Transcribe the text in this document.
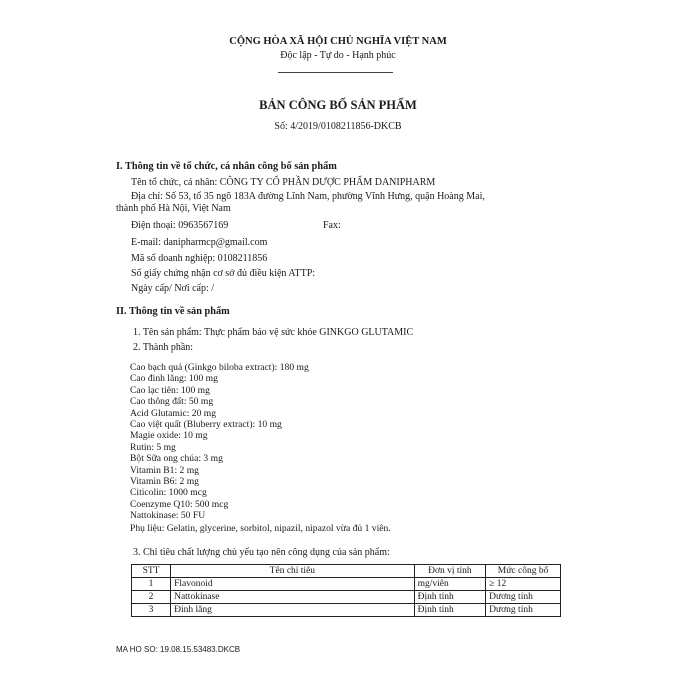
CỘNG HÒA XÃ HỘI CHỦ NGHĨA VIỆT NAM
Độc lập - Tự do - Hạnh phúc
BẢN CÔNG BỐ SẢN PHẨM
Số: 4/2019/0108211856-DKCB
I. Thông tin về tổ chức, cá nhân công bố sản phẩm
Tên tổ chức, cá nhân: CÔNG TY CỔ PHẦN DƯỢC PHẨM DANIPHARM
Địa chỉ: Số 53, tổ 35 ngõ 183A đường Lĩnh Nam, phường Vĩnh Hưng, quận Hoàng Mai,
thành phố Hà Nội, Việt Nam
Điện thoại: 0963567169	Fax:
E-mail: danipharmcp@gmail.com
Mã số doanh nghiệp: 0108211856
Số giấy chứng nhận cơ sở đủ điều kiện ATTP:
Ngày cấp/ Nơi cấp: /
II. Thông tin về sản phẩm
1. Tên sản phẩm: Thực phẩm bảo vệ sức khỏe GINKGO GLUTAMIC
2. Thành phần:
Cao bạch quả (Ginkgo biloba extract): 180 mg
Cao đinh lăng: 100 mg
Cao lạc tiên: 100 mg
Cao thông đất: 50 mg
Acid Glutamic: 20 mg
Cao việt quất (Bluberry extract): 10 mg
Magie oxide: 10 mg
Rutin: 5 mg
Bột Sữa ong chúa: 3 mg
Vitamin B1: 2 mg
Vitamin B6: 2 mg
Citicolin: 1000 mcg
Coenzyme Q10: 500 mcg
Nattokinase: 50 FU
Phụ liệu: Gelatin, glycerine, sorbitol, nipazil, nipazol vừa đủ 1 viên.
3. Chỉ tiêu chất lượng chủ yếu tạo nên công dụng của sản phẩm:
STT	Tên chỉ tiêu	Đơn vị tính	Mức công bố
1	Flavonoid	mg/viên	≥ 12
2	Nattokinase	Định tính	Dương tính
3	Đinh lăng	Định tính	Dương tính
MA HO SO: 19.08.15.53483.DKCB
